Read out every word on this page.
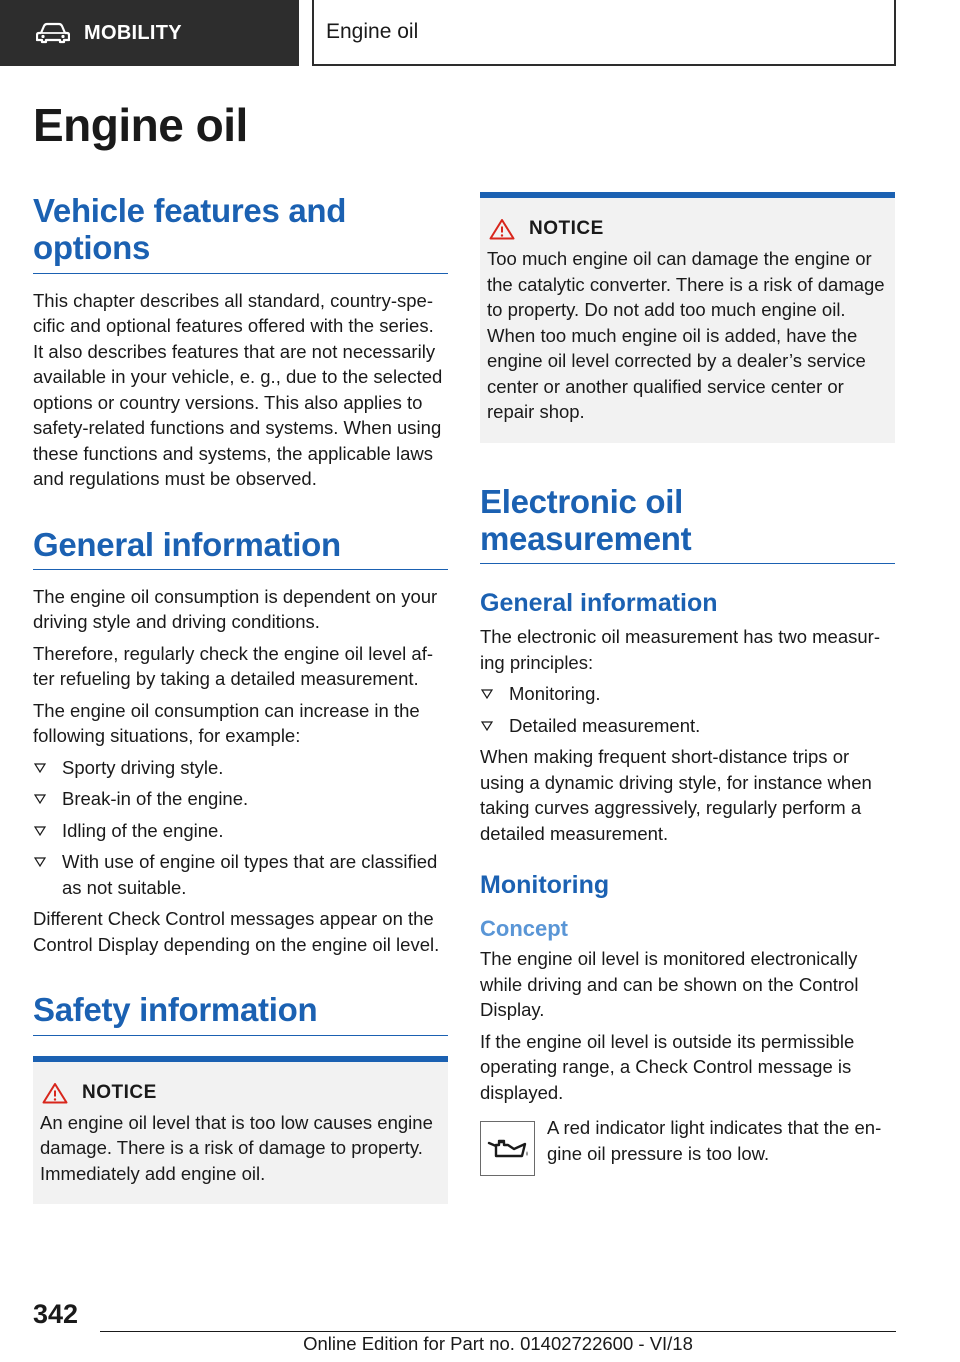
MOBILITY	Engine oil
Engine oil
Vehicle features and
options

This chapter describes all standard, country-specific and optional features offered with the series. It also describes features that are not necessarily available in your vehicle, e. g., due to the selected options or country versions. This also applies to safety-related functions and systems. When using these functions and systems, the applicable laws and regulations must be observed.

General information

The engine oil consumption is dependent on your driving style and driving conditions.

Therefore, regularly check the engine oil level after refueling by taking a detailed measurement.

The engine oil consumption can increase in the following situations, for example:

Sporty driving style.
Break-in of the engine.
Idling of the engine.
With use of engine oil types that are classified as not suitable.

Different Check Control messages appear on the Control Display depending on the engine oil level.

Safety information
NOTICE

An engine oil level that is too low causes engine damage. There is a risk of damage to property. Immediately add engine oil.

NOTICE

Too much engine oil can damage the engine or the catalytic converter. There is a risk of damage to property. Do not add too much engine oil. When too much engine oil is added, have the engine oil level corrected by a dealer’s service center or another qualified service center or repair shop.

Electronic oil measurement
General information

The electronic oil measurement has two measuring principles:

Monitoring.
Detailed measurement.

When making frequent short-distance trips or using a dynamic driving style, for instance when taking curves aggressively, regularly perform a detailed measurement.

Monitoring
Concept

The engine oil level is monitored electronically while driving and can be shown on the Control Display.

If the engine oil level is outside its permissible operating range, a Check Control message is displayed.

A red indicator light indicates that the engine oil pressure is too low.

342
Online Edition for Part no. 01402722600 - VI/18
